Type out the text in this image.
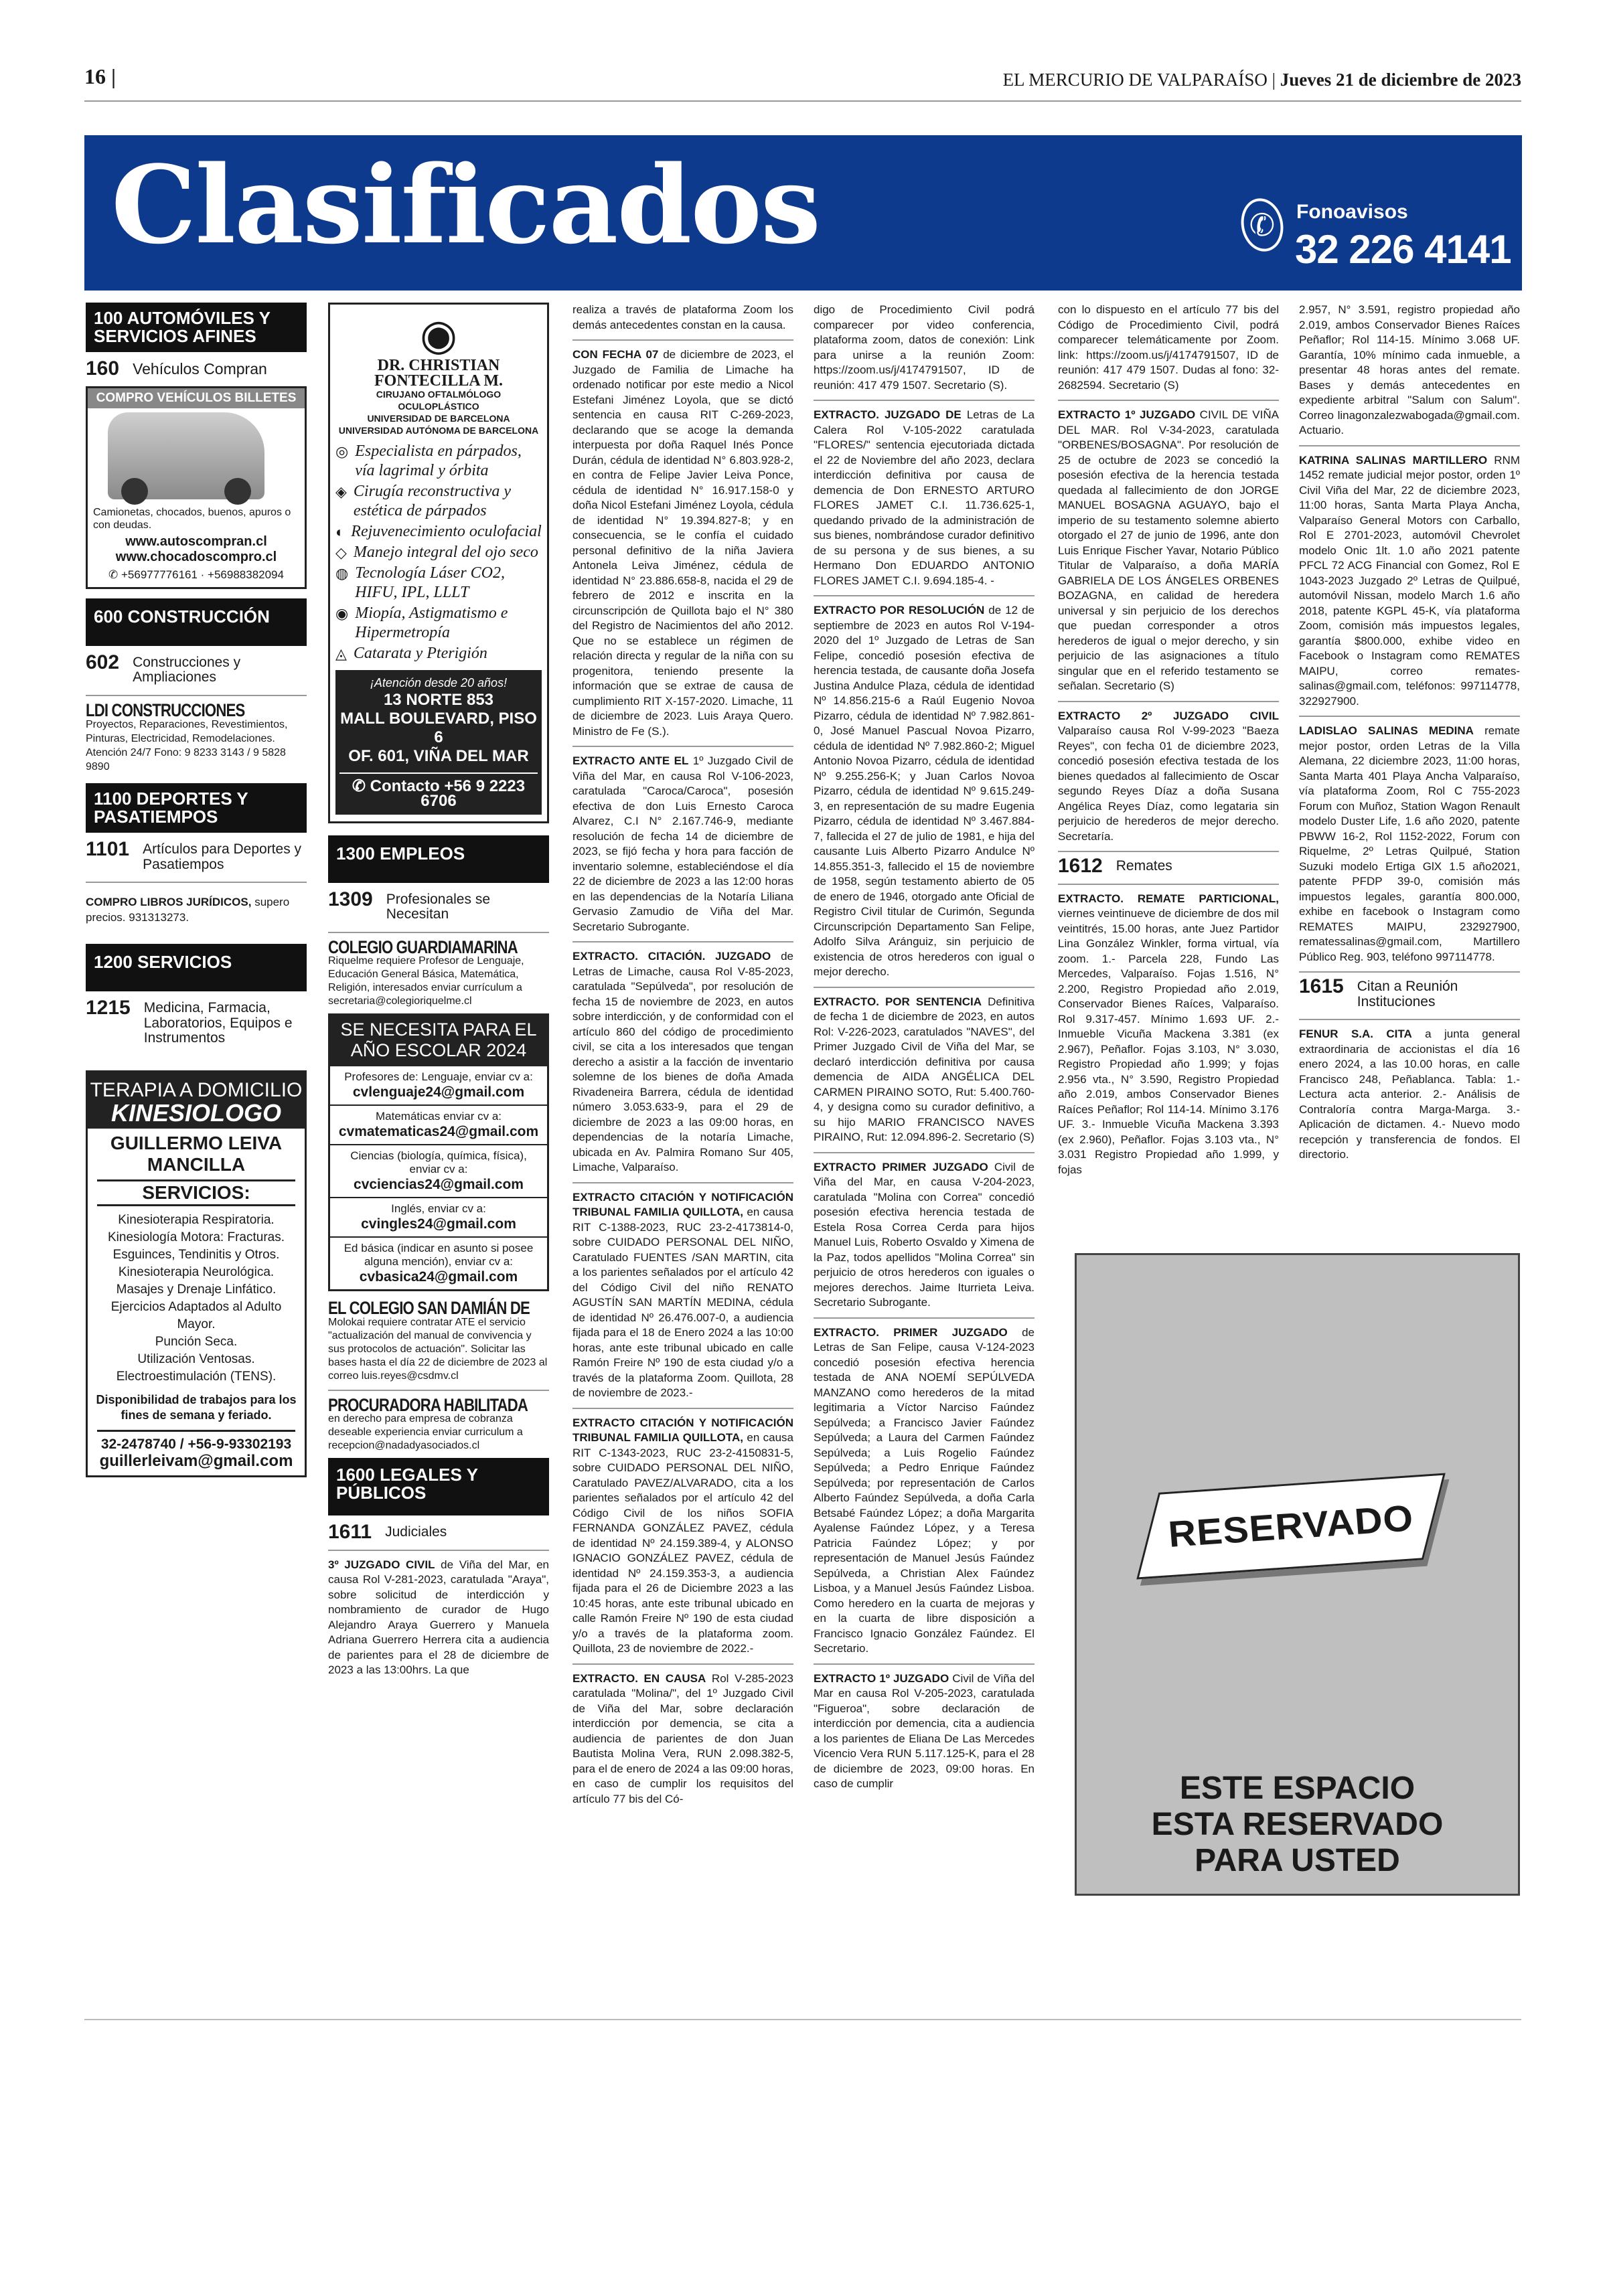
16 |	EL MERCURIO DE VALPARAÍSO | Jueves 21 de diciembre de 2023
Clasificados	✆ Fonoavisos
32 226 4141
100 AUTOMÓVILES Y SERVICIOS AFINES
160 Vehículos Compran
COMPRO VEHÍCULOS BILLETES
Camionetas, chocados, buenos, apuros o con deudas.
www.autoscompran.cl
www.chocadoscompro.cl
✆ +56977776161 · +56988382094
600 CONSTRUCCIÓN
602 Construcciones y Ampliaciones
LDI CONSTRUCCIONES

Proyectos, Reparaciones, Revestimientos, Pinturas, Electricidad, Remodelaciones. Atención 24/7 Fono: 9 8233 3143 / 9 5828 9890

1100 DEPORTES Y PASATIEMPOS
1101 Artículos para Deportes y Pasatiempos

COMPRO LIBROS JURÍDICOS, supero precios. 931313273.

1200 SERVICIOS
1215 Medicina, Farmacia, Laboratorios, Equipos e Instrumentos
TERAPIA A DOMICILIO
KINESIOLOGO
GUILLERMO LEIVA MANCILLA
SERVICIOS:
Kinesioterapia Respiratoria.
Kinesiología Motora: Fracturas.
Esguinces, Tendinitis y Otros.
Kinesioterapia Neurológica.
Masajes y Drenaje Linfático.
Ejercicios Adaptados al Adulto Mayor.
Punción Seca.
Utilización Ventosas.
Electroestimulación (TENS).
Disponibilidad de trabajos para los fines de semana y feriado.
32-2478740 / +56-9-93302193
guillerleivam@gmail.com
◉
DR. CHRISTIAN FONTECILLA M.
CIRUJANO OFTALMÓLOGO OCULOPLÁSTICO
UNIVERSIDAD DE BARCELONA
UNIVERSIDAD AUTÓNOMA DE BARCELONA
◎ Especialista en párpados, vía lagrimal y órbita
◈ Cirugía reconstructiva y estética de párpados
◐ Rejuvenecimiento oculofacial
◇ Manejo integral del ojo seco
◍ Tecnología Láser CO2, HIFU, IPL, LLLT
◉ Miopía, Astigmatismo e Hipermetropía
◬ Catarata y Pterigión
¡Atención desde 20 años!
13 NORTE 853
MALL BOULEVARD, PISO 6
OF. 601, VIÑA DEL MAR
✆ Contacto +56 9 2223 6706
1300 EMPLEOS
1309 Profesionales se Necesitan
COLEGIO GUARDIAMARINA

Riquelme requiere Profesor de Lenguaje, Educación General Básica, Matemática, Religión, interesados enviar currículum a secretaria@colegioriquelme.cl

SE NECESITA PARA EL AÑO ESCOLAR 2024
Profesores de: Lenguaje, enviar cv a:
cvlenguaje24@gmail.com
Matemáticas enviar cv a:
cvmatematicas24@gmail.com
Ciencias (biología, química, física), enviar cv a:
cvciencias24@gmail.com
Inglés, enviar cv a:
cvingles24@gmail.com
Ed básica (indicar en asunto si posee alguna mención), enviar cv a:
cvbasica24@gmail.com
EL COLEGIO SAN DAMIÁN DE

Molokai requiere contratar ATE el servicio "actualización del manual de convivencia y sus protocolos de actuación". Solicitar las bases hasta el día 22 de diciembre de 2023 al correo luis.reyes@csdmv.cl

PROCURADORA HABILITADA

en derecho para empresa de cobranza deseable experiencia enviar curriculum a recepcion@nadadyasociados.cl

1600 LEGALES Y PÚBLICOS
1611 Judiciales

3º JUZGADO CIVIL de Viña del Mar, en causa Rol V-281-2023, caratulada "Araya", sobre solicitud de interdicción y nombramiento de curador de Hugo Alejandro Araya Guerrero y Manuela Adriana Guerrero Herrera cita a audiencia de parientes para el 28 de diciembre de 2023 a las 13:00hrs. La que

realiza a través de plataforma Zoom los demás antecedentes constan en la causa.

CON FECHA 07 de diciembre de 2023, el Juzgado de Familia de Limache ha ordenado notificar por este medio a Nicol Estefani Jiménez Loyola, que se dictó sentencia en causa RIT C-269-2023, declarando que se acoge la demanda interpuesta por doña Raquel Inés Ponce Durán, cédula de identidad N° 6.803.928-2, en contra de Felipe Javier Leiva Ponce, cédula de identidad N° 16.917.158-0 y doña Nicol Estefani Jiménez Loyola, cédula de identidad N° 19.394.827-8; y en consecuencia, se le confía el cuidado personal definitivo de la niña Javiera Antonela Leiva Jiménez, cédula de identidad N° 23.886.658-8, nacida el 29 de febrero de 2012 e inscrita en la circunscripción de Quillota bajo el N° 380 del Registro de Nacimientos del año 2012. Que no se establece un régimen de relación directa y regular de la niña con su progenitora, teniendo presente la información que se extrae de causa de cumplimiento RIT X-157-2020. Limache, 11 de diciembre de 2023. Luis Araya Quero. Ministro de Fe (S.).

EXTRACTO ANTE EL 1º Juzgado Civil de Viña del Mar, en causa Rol V-106-2023, caratulada "Caroca/Caroca", posesión efectiva de don Luis Ernesto Caroca Alvarez, C.I N° 2.167.746-9, mediante resolución de fecha 14 de diciembre de 2023, se fijó fecha y hora para facción de inventario solemne, estableciéndose el día 22 de diciembre de 2023 a las 12:00 horas en las dependencias de la Notaría Liliana Gervasio Zamudio de Viña del Mar. Secretario Subrogante.

EXTRACTO. CITACIÓN. JUZGADO de Letras de Limache, causa Rol V-85-2023, caratulada "Sepúlveda", por resolución de fecha 15 de noviembre de 2023, en autos sobre interdicción, y de conformidad con el artículo 860 del código de procedimiento civil, se cita a los interesados que tengan derecho a asistir a la facción de inventario solemne de los bienes de doña Amada Rivadeneira Barrera, cédula de identidad número 3.053.633-9, para el 29 de diciembre de 2023 a las 09:00 horas, en dependencias de la notaría Limache, ubicada en Av. Palmira Romano Sur 405, Limache, Valparaíso.

EXTRACTO CITACIÓN Y NOTIFICACIÓN TRIBUNAL FAMILIA QUILLOTA, en causa RIT C-1388-2023, RUC 23-2-4173814-0, sobre CUIDADO PERSONAL DEL NIÑO, Caratulado FUENTES /SAN MARTIN, cita a los parientes señalados por el artículo 42 del Código Civil del niño RENATO AGUSTÍN SAN MARTÍN MEDINA, cédula de identidad Nº 26.476.007-0, a audiencia fijada para el 18 de Enero 2024 a las 10:00 horas, ante este tribunal ubicado en calle Ramón Freire Nº 190 de esta ciudad y/o a través de la plataforma Zoom. Quillota, 28 de noviembre de 2023.-

EXTRACTO CITACIÓN Y NOTIFICACIÓN TRIBUNAL FAMILIA QUILLOTA, en causa RIT C-1343-2023, RUC 23-2-4150831-5, sobre CUIDADO PERSONAL DEL NIÑO, Caratulado PAVEZ/ALVARADO, cita a los parientes señalados por el artículo 42 del Código Civil de los niños SOFIA FERNANDA GONZÁLEZ PAVEZ, cédula de identidad Nº 24.159.389-4, y ALONSO IGNACIO GONZÁLEZ PAVEZ, cédula de identidad Nº 24.159.353-3, a audiencia fijada para el 26 de Diciembre 2023 a las 10:45 horas, ante este tribunal ubicado en calle Ramón Freire Nº 190 de esta ciudad y/o a través de la plataforma zoom. Quillota, 23 de noviembre de 2022.-

EXTRACTO. EN CAUSA Rol V-285-2023 caratulada "Molina/", del 1º Juzgado Civil de Viña del Mar, sobre declaración interdicción por demencia, se cita a audiencia de parientes de don Juan Bautista Molina Vera, RUN 2.098.382-5, para el de enero de 2024 a las 09:00 horas, en caso de cumplir los requisitos del artículo 77 bis del Có-

digo de Procedimiento Civil podrá comparecer por video conferencia, plataforma zoom, datos de conexión: Link para unirse a la reunión Zoom: https://zoom.us/j/4174791507, ID de reunión: 417 479 1507. Secretario (S).

EXTRACTO. JUZGADO DE Letras de La Calera Rol V-105-2022 caratulada "FLORES/" sentencia ejecutoriada dictada el 22 de Noviembre del año 2023, declara interdicción definitiva por causa de demencia de Don ERNESTO ARTURO FLORES JAMET C.I. 11.736.625-1, quedando privado de la administración de sus bienes, nombrándose curador definitivo de su persona y de sus bienes, a su Hermano Don EDUARDO ANTONIO FLORES JAMET C.I. 9.694.185-4. -

EXTRACTO POR RESOLUCIÓN de 12 de septiembre de 2023 en autos Rol V-194-2020 del 1º Juzgado de Letras de San Felipe, concedió posesión efectiva de herencia testada, de causante doña Josefa Justina Andulce Plaza, cédula de identidad Nº 14.856.215-6 a Raúl Eugenio Novoa Pizarro, cédula de identidad Nº 7.982.861-0, José Manuel Pascual Novoa Pizarro, cédula de identidad Nº 7.982.860-2; Miguel Antonio Novoa Pizarro, cédula de identidad Nº 9.255.256-K; y Juan Carlos Novoa Pizarro, cédula de identidad Nº 9.615.249-3, en representación de su madre Eugenia Pizarro, cédula de identidad Nº 3.467.884-7, fallecida el 27 de julio de 1981, e hija del causante Luis Alberto Pizarro Andulce Nº 14.855.351-3, fallecido el 15 de noviembre de 1958, según testamento abierto de 05 de enero de 1946, otorgado ante Oficial de Registro Civil titular de Curimón, Segunda Circunscripción Departamento San Felipe, Adolfo Silva Aránguiz, sin perjuicio de existencia de otros herederos con igual o mejor derecho.

EXTRACTO. POR SENTENCIA Definitiva de fecha 1 de diciembre de 2023, en autos Rol: V-226-2023, caratulados "NAVES", del Primer Juzgado Civil de Viña del Mar, se declaró interdicción definitiva por causa demencia de AIDA ANGÉLICA DEL CARMEN PIRAINO SOTO, Rut: 5.400.760-4, y designa como su curador definitivo, a su hijo MARIO FRANCISCO NAVES PIRAINO, Rut: 12.094.896-2. Secretario (S)

EXTRACTO PRIMER JUZGADO Civil de Viña del Mar, en causa V-204-2023, caratulada "Molina con Correa" concedió posesión efectiva herencia testada de Estela Rosa Correa Cerda para hijos Manuel Luis, Roberto Osvaldo y Ximena de la Paz, todos apellidos "Molina Correa" sin perjuicio de otros herederos con iguales o mejores derechos. Jaime Iturrieta Leiva. Secretario Subrogante.

EXTRACTO. PRIMER JUZGADO de Letras de San Felipe, causa V-124-2023 concedió posesión efectiva herencia testada de ANA NOEMÍ SEPÚLVEDA MANZANO como herederos de la mitad legitimaria a Víctor Narciso Faúndez Sepúlveda; a Francisco Javier Faúndez Sepúlveda; a Laura del Carmen Faúndez Sepúlveda; a Luis Rogelio Faúndez Sepúlveda; a Pedro Enrique Faúndez Sepúlveda; por representación de Carlos Alberto Faúndez Sepúlveda, a doña Carla Betsabé Faúndez López; a doña Margarita Ayalense Faúndez López, y a Teresa Patricia Faúndez López; y por representación de Manuel Jesús Faúndez Sepúlveda, a Christian Alex Faúndez Lisboa, y a Manuel Jesús Faúndez Lisboa. Como heredero en la cuarta de mejoras y en la cuarta de libre disposición a Francisco Ignacio González Faúndez. El Secretario.

EXTRACTO 1º JUZGADO Civil de Viña del Mar en causa Rol V-205-2023, caratulada "Figueroa", sobre declaración de interdicción por demencia, cita a audiencia a los parientes de Eliana De Las Mercedes Vicencio Vera RUN 5.117.125-K, para el 28 de diciembre de 2023, 09:00 horas. En caso de cumplir

con lo dispuesto en el artículo 77 bis del Código de Procedimiento Civil, podrá comparecer telemáticamente por Zoom. link: https://zoom.us/j/4174791507, ID de reunión: 417 479 1507. Dudas al fono: 32-2682594. Secretario (S)

EXTRACTO 1º JUZGADO CIVIL DE VIÑA DEL MAR. Rol V-34-2023, caratulada "ORBENES/BOSAGNA". Por resolución de 25 de octubre de 2023 se concedió la posesión efectiva de la herencia testada quedada al fallecimiento de don JORGE MANUEL BOSAGNA AGUAYO, bajo el imperio de su testamento solemne abierto otorgado el 27 de junio de 1996, ante don Luis Enrique Fischer Yavar, Notario Público Titular de Valparaíso, a doña MARÍA GABRIELA DE LOS ÁNGELES ORBENES BOZAGNA, en calidad de heredera universal y sin perjuicio de los derechos que puedan corresponder a otros herederos de igual o mejor derecho, y sin perjuicio de las asignaciones a título singular que en el referido testamento se señalan. Secretario (S)

EXTRACTO 2º JUZGADO CIVIL Valparaíso causa Rol V-99-2023 "Baeza Reyes", con fecha 01 de diciembre 2023, concedió posesión efectiva testada de los bienes quedados al fallecimiento de Oscar segundo Reyes Díaz a doña Susana Angélica Reyes Díaz, como legataria sin perjuicio de herederos de mejor derecho. Secretaría.

1612 Remates

EXTRACTO. REMATE PARTICIONAL, viernes veintinueve de diciembre de dos mil veintitrés, 15.00 horas, ante Juez Partidor Lina González Winkler, forma virtual, vía zoom. 1.- Parcela 228, Fundo Las Mercedes, Valparaíso. Fojas 1.516, N° 2.200, Registro Propiedad año 2.019, Conservador Bienes Raíces, Valparaíso. Rol 9.317-457. Mínimo 1.693 UF. 2.- Inmueble Vicuña Mackena 3.381 (ex 2.967), Peñaflor. Fojas 3.103, N° 3.030, Registro Propiedad año 1.999; y fojas 2.956 vta., N° 3.590, Registro Propiedad año 2.019, ambos Conservador Bienes Raíces Peñaflor; Rol 114-14. Mínimo 3.176 UF. 3.- Inmueble Vicuña Mackena 3.393 (ex 2.960), Peñaflor. Fojas 3.103 vta., N° 3.031 Registro Propiedad año 1.999, y fojas

2.957, N° 3.591, registro propiedad año 2.019, ambos Conservador Bienes Raíces Peñaflor; Rol 114-15. Mínimo 3.068 UF. Garantía, 10% mínimo cada inmueble, a presentar 48 horas antes del remate. Bases y demás antecedentes en expediente arbitral "Salum con Salum". Correo linagonzalezwabogada@gmail.com. Actuario.

KATRINA SALINAS MARTILLERO RNM 1452 remate judicial mejor postor, orden 1º Civil Viña del Mar, 22 de diciembre 2023, 11:00 horas, Santa Marta Playa Ancha, Valparaíso General Motors con Carballo, Rol E 2701-2023, automóvil Chevrolet modelo Onic 1lt. 1.0 año 2021 patente PFCL 72 ACG Financial con Gomez, Rol E 1043-2023 Juzgado 2º Letras de Quilpué, automóvil Nissan, modelo March 1.6 año 2018, patente KGPL 45-K, vía plataforma Zoom, comisión más impuestos legales, garantía $800.000, exhibe video en Facebook o Instagram como REMATES MAIPU, correo remates-salinas@gmail.com, teléfonos: 997114778, 322927900.

LADISLAO SALINAS MEDINA remate mejor postor, orden Letras de la Villa Alemana, 22 diciembre 2023, 11:00 horas, Santa Marta 401 Playa Ancha Valparaíso, vía plataforma Zoom, Rol C 755-2023 Forum con Muñoz, Station Wagon Renault modelo Duster Life, 1.6 año 2020, patente PBWW 16-2, Rol 1152-2022, Forum con Riquelme, 2º Letras Quilpué, Station Suzuki modelo Ertiga GlX 1.5 año2021, patente PFDP 39-0, comisión más impuestos legales, garantía 800.000, exhibe en facebook o Instagram como REMATES MAIPU, 232927900, rematessalinas@gmail.com, Martillero Público Reg. 903, teléfono 997114778.

1615 Citan a Reunión Instituciones

FENUR S.A. CITA a junta general extraordinaria de accionistas el día 16 enero 2024, a las 10.00 horas, en calle Francisco 248, Peñablanca. Tabla: 1.- Lectura acta anterior. 2.- Análisis de Contraloría contra Marga-Marga. 3.- Aplicación de dictamen. 4.- Nuevo modo recepción y transferencia de fondos. El directorio.

RESERVADO
ESTE ESPACIO
ESTA RESERVADO
PARA USTED
